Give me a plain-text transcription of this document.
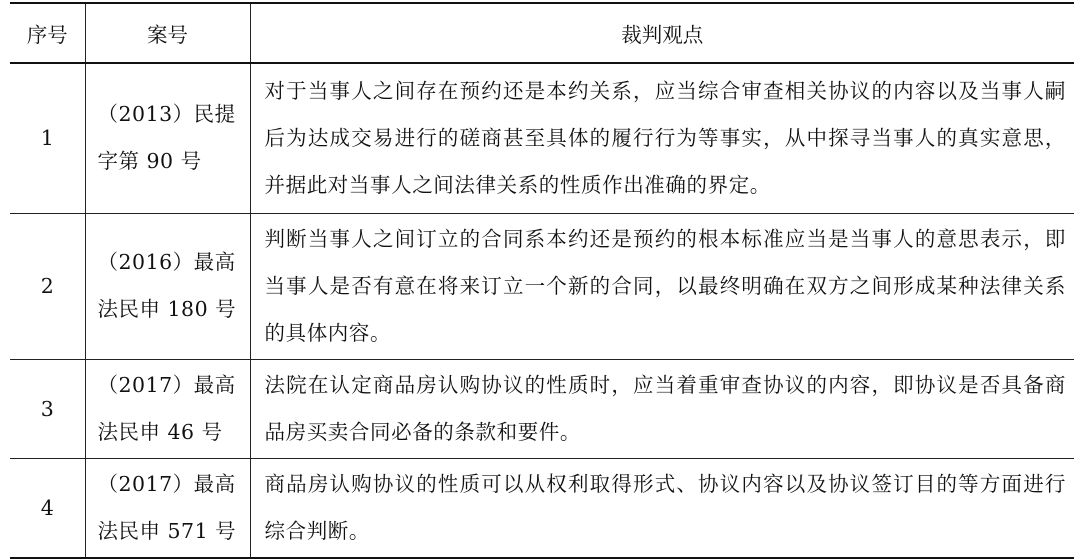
序号	案号	裁判观点
1	（2013）民提字第 90 号	对于当事人之间存在预约还是本约关系，应当综合审查相关协议的内容以及当事人嗣后为达成交易进行的磋商甚至具体的履行行为等事实，从中探寻当事人的真实意思，并据此对当事人之间法律关系的性质作出准确的界定。
2	（2016）最高法民申 180 号	判断当事人之间订立的合同系本约还是预约的根本标准应当是当事人的意思表示，即当事人是否有意在将来订立一个新的合同，以最终明确在双方之间形成某种法律关系的具体内容。
3	（2017）最高法民申 46 号	法院在认定商品房认购协议的性质时，应当着重审查协议的内容，即协议是否具备商品房买卖合同必备的条款和要件。
4	（2017）最高法民申 571 号	商品房认购协议的性质可以从权利取得形式、协议内容以及协议签订目的等方面进行综合判断。
